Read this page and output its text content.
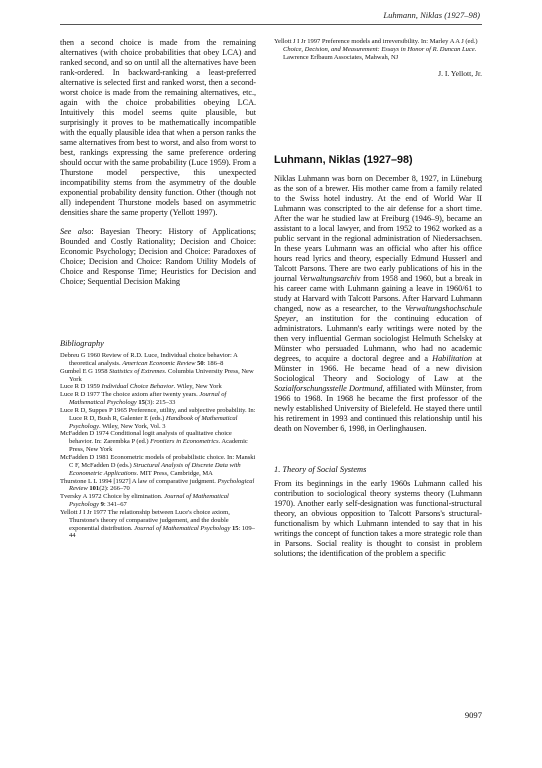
Luhmann, Niklas (1927–98)

then a second choice is made from the remaining alternatives (with choice probabilities that obey LCA) and ranked second, and so on until all the alternatives have been rank-ordered. In backward-ranking a least-preferred alternative is selected first and ranked worst, then a second-worst choice is made from the remaining alternatives, etc., again with the choice probabilities obeying LCA. Intuitively this model seems quite plausible, but surprisingly it proves to be mathematically incompatible with the equally plausible idea that when a person ranks the same alternatives from best to worst, and also from worst to best, rankings expressing the same preference ordering should occur with the same probability (Luce 1959). From a Thurstone model perspective, this unexpected incompatibility stems from the asymmetry of the double exponential probability density function. Other (though not all) independent Thurstone models based on asymmetric densities share the same property (Yellott 1997).

See also: Bayesian Theory: History of Applications; Bounded and Costly Rationality; Decision and Choice: Economic Psychology; Decision and Choice: Paradoxes of Choice; Decision and Choice: Random Utility Models of Choice and Response Time; Heuristics for Decision and Choice; Sequential Decision Making

Bibliography

Debreu G 1960 Review of R.D. Luce, Individual choice behavior: A theoretical analysis. American Economic Review 50: 186–8

Gumbel E G 1958 Statistics of Extremes. Columbia University Press, New York

Luce R D 1959 Individual Choice Behavior. Wiley, New York

Luce R D 1977 The choice axiom after twenty years. Journal of Mathematical Psychology 15(3): 215–33

Luce R D, Suppes P 1965 Preference, utility, and subjective probability. In: Luce R D, Bush R, Galenter E (eds.) Handbook of Mathematical Psychology. Wiley, New York, Vol. 3

McFadden D 1974 Conditional logit analysis of qualitative choice behavior. In: Zarembka P (ed.) Frontiers in Econometrics. Academic Press, New York

McFadden D 1981 Econometric models of probabilistic choice. In: Manski C F, McFadden D (eds.) Structural Analysis of Discrete Data with Econometric Applications. MIT Press, Cambridge, MA

Thurstone L L 1994 [1927] A law of comparative judgment. Psychological Review 101(2): 266–70

Tversky A 1972 Choice by elimination. Journal of Mathematical Psychology 9: 341–67

Yellott J I Jr 1977 The relationship between Luce's choice axiom, Thurstone's theory of comparative judgement, and the double exponential distribution. Journal of Mathematical Psychology 15: 109–44

Yellott J I Jr 1997 Preference models and irreversibility. In: Marley A A J (ed.) Choice, Decision, and Measurement: Essays in Honor of R. Duncan Luce. Lawrence Erlbaum Associates, Mahwah, NJ

J. I. Yellott, Jr.
Luhmann, Niklas (1927–98)

Niklas Luhmann was born on December 8, 1927, in Lüneburg as the son of a brewer. His mother came from a family related to the Swiss hotel industry. At the end of World War II Luhmann was conscripted to the air defense for a short time. After the war he studied law at Freiburg (1946–9), became an assistant to a local lawyer, and from 1952 to 1962 worked as a public servant in the regional administration of Niedersachsen. In these years Luhmann was an official who after his office hours read lyrics and theory, especially Edmund Husserl and Talcott Parsons. There are two early publications of his in the journal Verwaltungsarchiv from 1958 and 1960, but a break in his career came with Luhmann gaining a leave in 1960/61 to study at Harvard with Talcott Parsons. After Harvard Luhmann changed, now as a researcher, to the Verwaltungshochschule Speyer, an institution for the continuing education of administrators. Luhmann's early writings were noted by the then very influential German sociologist Helmuth Schelsky at Münster who persuaded Luhmann, who had no academic degrees, to acquire a doctoral degree and a Habilitation at Münster in 1966. He became head of a new division Sociological Theory and Sociology of Law at the Sozialforschungsstelle Dortmund, affiliated with Münster, from 1966 to 1968. In 1968 he became the first professor of the newly established University of Bielefeld. He stayed there until his retirement in 1993 and continued this relationship until his death on November 6, 1998, in Oerlinghausen.

1. Theory of Social Systems

From its beginnings in the early 1960s Luhmann called his contribution to sociological theory systems theory (Luhmann 1970). Another early self-designation was functional-structural theory, an obvious opposition to Talcott Parsons's structural-functionalism by which Luhmann intended to say that in his writings the concept of function takes a more strategic role than in Parsons. Social reality is thought to consist in problem solutions; the identification of the problem a specific

9097
